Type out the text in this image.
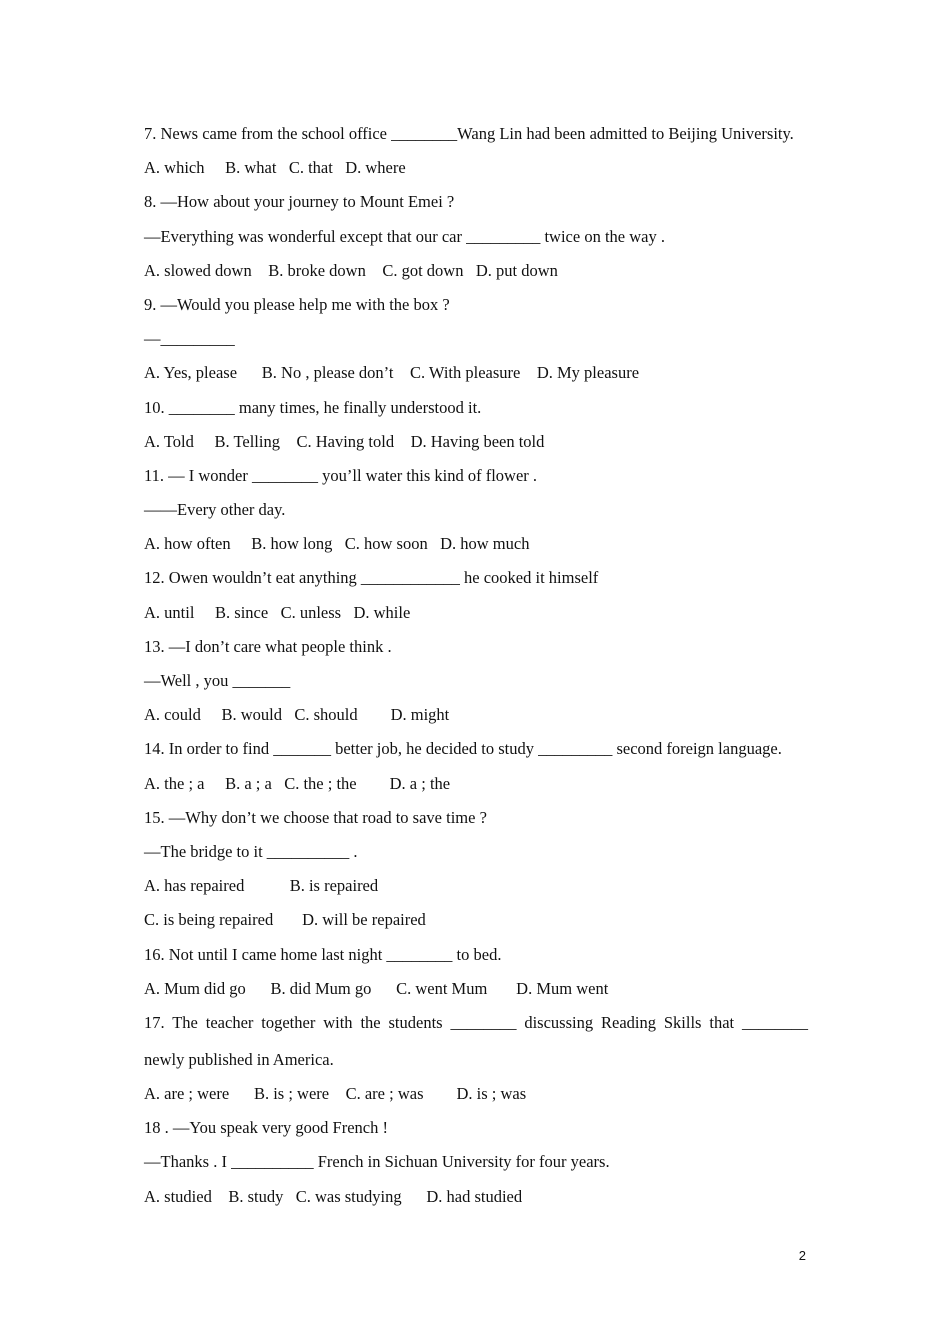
7. News came from the school office ________Wang Lin had been admitted to Beijing University.
A. which     B. what   C. that   D. where
8. —How about your journey to Mount Emei ?
—Everything was wonderful except that our car _________ twice on the way .
A. slowed down    B. broke down    C. got down   D. put down
9. —Would you please help me with the box ?
—_________
A. Yes, please      B. No , please don’t    C. With pleasure    D. My pleasure
10. ________ many times, he finally understood it.
A. Told     B. Telling    C. Having told    D. Having been told
11. — I wonder ________ you’ll water this kind of flower .
——Every other day.
A. how often     B. how long   C. how soon   D. how much
12. Owen wouldn’t eat anything ____________ he cooked it himself
A. until     B. since   C. unless   D. while
13. —I don’t care what people think .
—Well , you _______
A. could     B. would   C. should        D. might
14. In order to find _______ better job, he decided to study _________ second foreign language.
A. the ; a     B. a ; a   C. the ; the        D. a ; the
15. —Why don’t we choose that road to save time ?
—The bridge to it __________ .
A. has repaired           B. is repaired
C. is being repaired       D. will be repaired
16. Not until I came home last night ________ to bed.
A. Mum did go      B. did Mum go      C. went Mum       D. Mum went
17. The teacher together with the students ________ discussing Reading Skills that ________
newly published in America.
A. are ; were      B. is ; were    C. are ; was        D. is ; was
18 . —You speak very good French !
—Thanks . I __________ French in Sichuan University for four years.
A. studied    B. study   C. was studying      D. had studied
2
